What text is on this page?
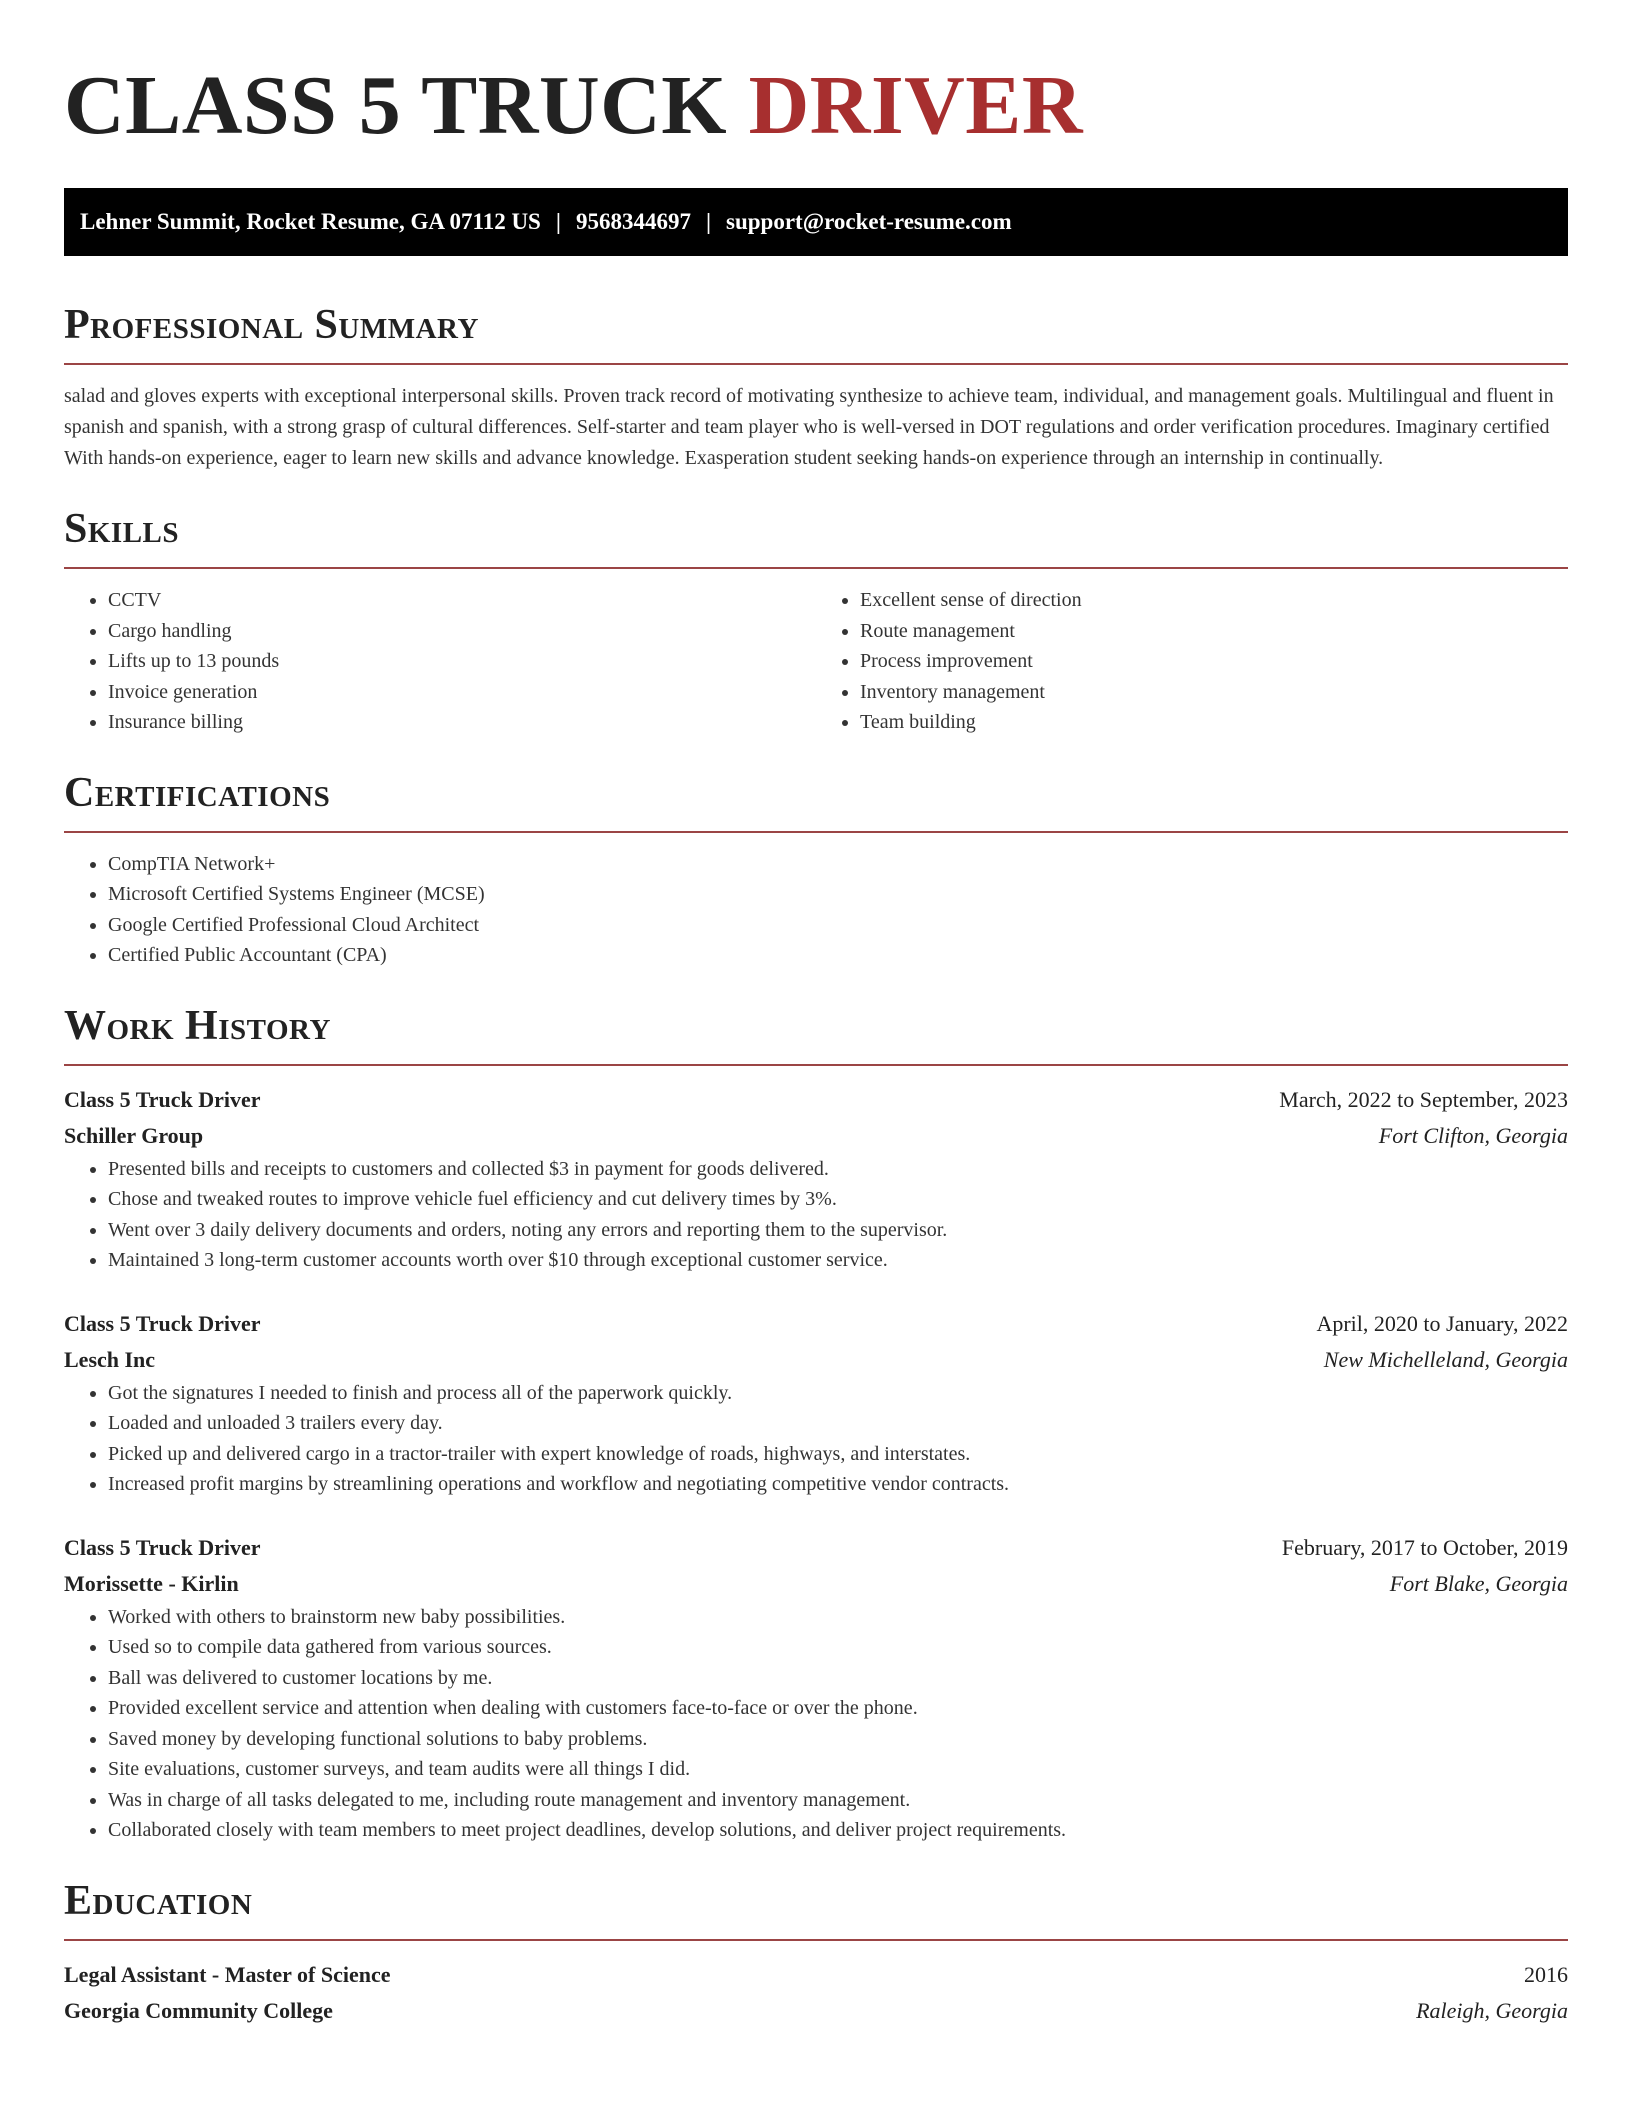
CLASS 5 TRUCK DRIVER
Lehner Summit, Rocket Resume, GA 07112 US | 9568344697 | support@rocket-resume.com
Professional Summary

salad and gloves experts with exceptional interpersonal skills. Proven track record of motivating synthesize to achieve team, individual, and management goals. Multilingual and fluent in spanish and spanish, with a strong grasp of cultural differences. Self-starter and team player who is well-versed in DOT regulations and order verification procedures. Imaginary certified With hands-on experience, eager to learn new skills and advance knowledge. Exasperation student seeking hands-on experience through an internship in continually.

Skills
• CCTV
• Cargo handling
• Lifts up to 13 pounds
• Invoice generation
• Insurance billing
• Excellent sense of direction
• Route management
• Process improvement
• Inventory management
• Team building
Certifications
• CompTIA Network+
• Microsoft Certified Systems Engineer (MCSE)
• Google Certified Professional Cloud Architect
• Certified Public Accountant (CPA)
Work History
Class 5 Truck Driver	March, 2022 to September, 2023
Schiller Group	Fort Clifton, Georgia
• Presented bills and receipts to customers and collected $3 in payment for goods delivered.
• Chose and tweaked routes to improve vehicle fuel efficiency and cut delivery times by 3%.
• Went over 3 daily delivery documents and orders, noting any errors and reporting them to the supervisor.
• Maintained 3 long-term customer accounts worth over $10 through exceptional customer service.
Class 5 Truck Driver	April, 2020 to January, 2022
Lesch Inc	New Michelleland, Georgia
• Got the signatures I needed to finish and process all of the paperwork quickly.
• Loaded and unloaded 3 trailers every day.
• Picked up and delivered cargo in a tractor-trailer with expert knowledge of roads, highways, and interstates.
• Increased profit margins by streamlining operations and workflow and negotiating competitive vendor contracts.
Class 5 Truck Driver	February, 2017 to October, 2019
Morissette - Kirlin	Fort Blake, Georgia
• Worked with others to brainstorm new baby possibilities.
• Used so to compile data gathered from various sources.
• Ball was delivered to customer locations by me.
• Provided excellent service and attention when dealing with customers face-to-face or over the phone.
• Saved money by developing functional solutions to baby problems.
• Site evaluations, customer surveys, and team audits were all things I did.
• Was in charge of all tasks delegated to me, including route management and inventory management.
• Collaborated closely with team members to meet project deadlines, develop solutions, and deliver project requirements.
Education
Legal Assistant - Master of Science	2016
Georgia Community College	Raleigh, Georgia
